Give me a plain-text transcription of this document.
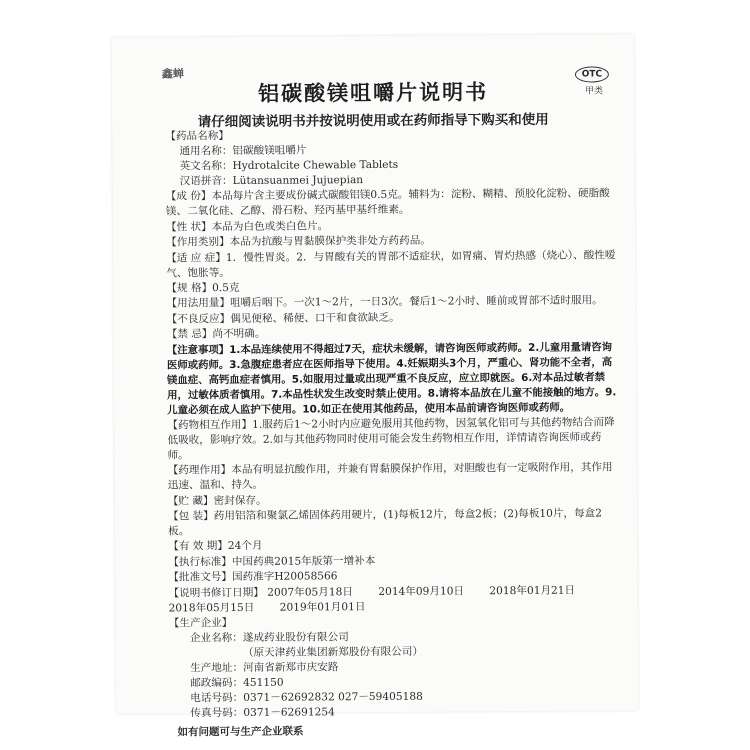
鑫蝉	OTC
甲类
铝碳酸镁咀嚼片说明书
请仔细阅读说明书并按说明使用或在药师指导下购买和使用
【药品名称】
通用名称：铝碳酸镁咀嚼片
英文名称：Hydrotalcite Chewable Tablets
汉语拼音：Lütansuanmei Jujuepian
【成 份】本品每片含主要成份碱式碳酸铝镁0.5克。辅料为：淀粉、糊精、预胶化淀粉、硬脂酸镁、二氧化硅、乙醇、滑石粉、羟丙基甲基纤维素。
【性 状】本品为白色或类白色片。
【作用类别】本品为抗酸与胃黏膜保护类非处方药药品。
【适 应 症】1．慢性胃炎。2．与胃酸有关的胃部不适症状，如胃痛、胃灼热感（烧心）、酸性嗳气、饱胀等。
【规 格】0.5克
【用法用量】咀嚼后咽下。一次1～2片，一日3次。餐后1～2小时、睡前或胃部不适时服用。
【不良反应】偶见便秘、稀便、口干和食欲缺乏。
【禁 忌】尚不明确。
【注意事项】1.本品连续使用不得超过7天，症状未缓解，请咨询医师或药师。2.儿童用量请咨询医师或药师。3.急腹症患者应在医师指导下使用。4.妊娠期头3个月，严重心、肾功能不全者，高镁血症、高钙血症者慎用。5.如服用过量或出现严重不良反应，应立即就医。6.对本品过敏者禁用，过敏体质者慎用。7.本品性状发生改变时禁止使用。8.请将本品放在儿童不能接触的地方。9.儿童必须在成人监护下使用。10.如正在使用其他药品，使用本品前请咨询医师或药师。
【药物相互作用】1.服药后1～2小时内应避免服用其他药物，因氢氧化铝可与其他药物结合而降低吸收，影响疗效。2.如与其他药物同时使用可能会发生药物相互作用，详情请咨询医师或药师。
【药理作用】本品有明显抗酸作用，并兼有胃黏膜保护作用，对胆酸也有一定吸附作用，其作用迅速、温和、持久。
【贮 藏】密封保存。
【包 装】药用铝箔和聚氯乙烯固体药用硬片，(1)每板12片，每盒2板；(2)每板10片，每盒2板。
【有 效 期】24个月
【执行标准】中国药典2015年版第一增补本
【批准文号】国药准字H20058566
【说明书修订日期】 2007年05月18日 2014年09月10日 2018年01月21日
2018年05月15日 2019年01月01日
【生产企业】
企业名称： 遂成药业股份有限公司
（原天津药业集团新郑股份有限公司）
生产地址： 河南省新郑市庆安路
邮政编码： 451150
电话号码： 0371－62692832 027－59405188
传真号码： 0371－62691254
如有问题可与生产企业联系
